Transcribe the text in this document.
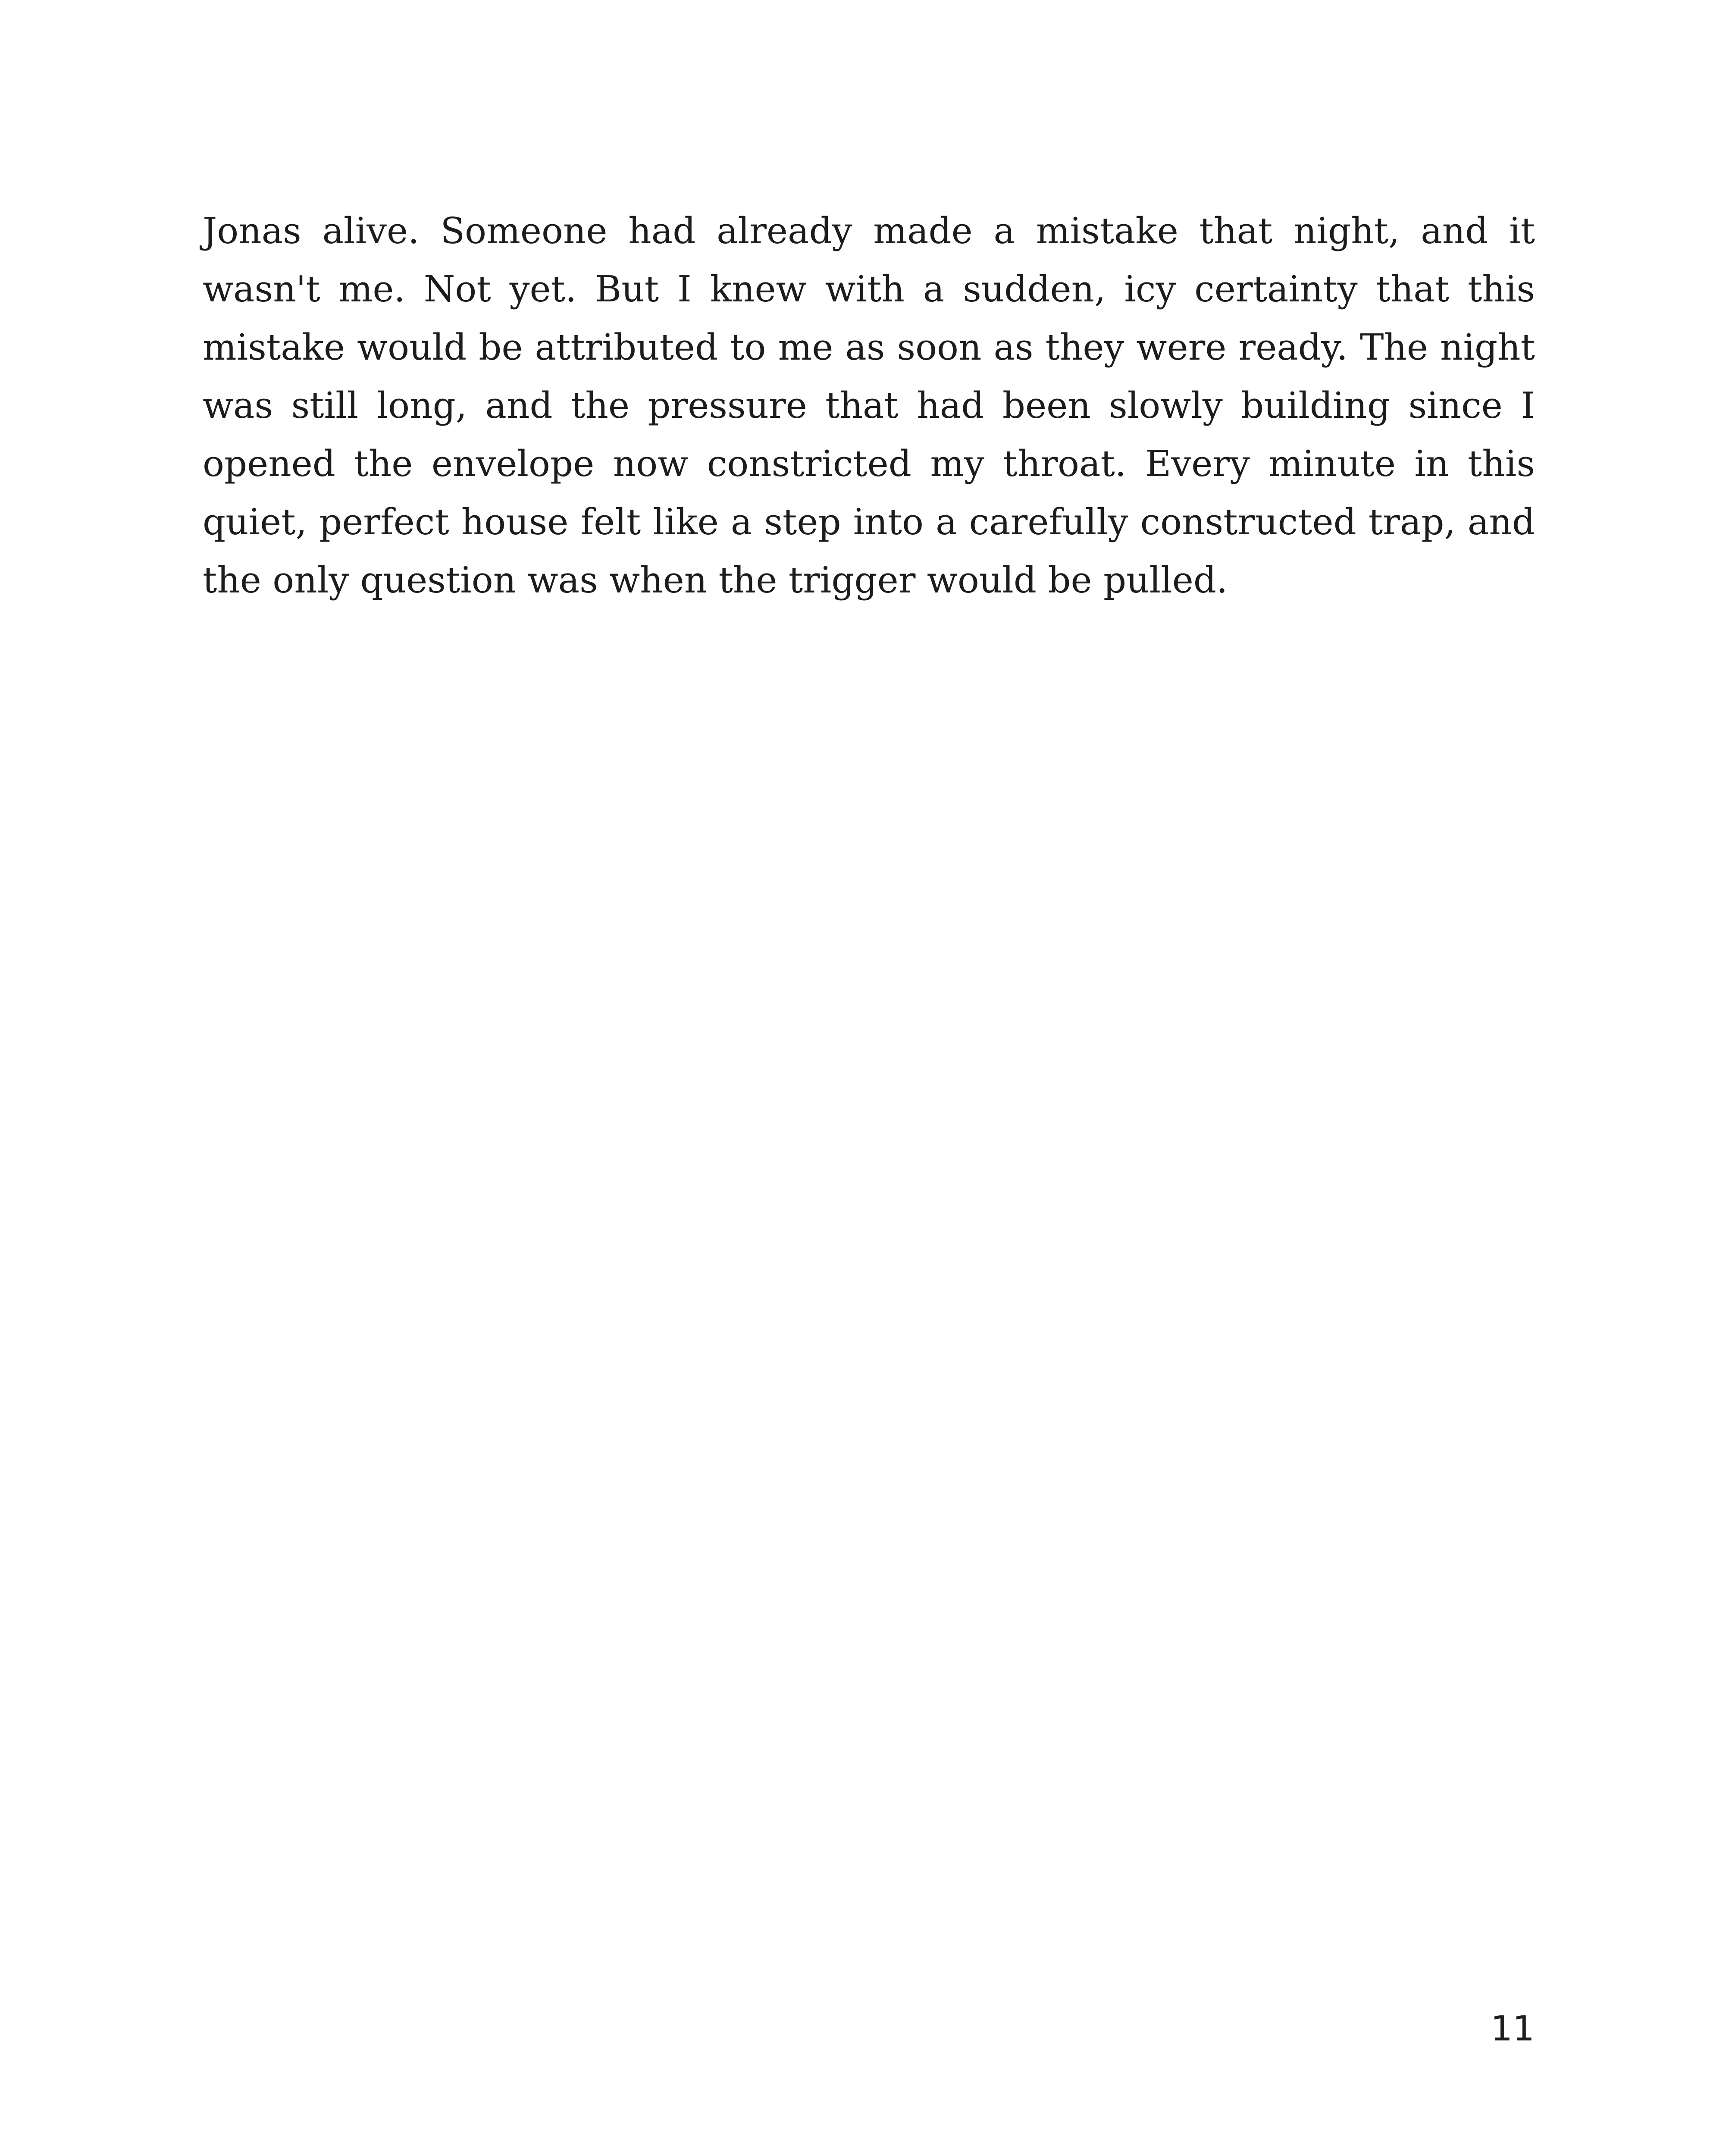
Jonas alive. Someone had already made a mistake that night, and it wasn't me. Not yet. But I knew with a sudden, icy certainty that this mistake would be attributed to me as soon as they were ready. The night was still long, and the pressure that had been slowly building since I opened the envelope now constricted my throat. Every minute in this quiet, perfect house felt like a step into a carefully constructed trap, and the only question was when the trigger would be pulled.

11
